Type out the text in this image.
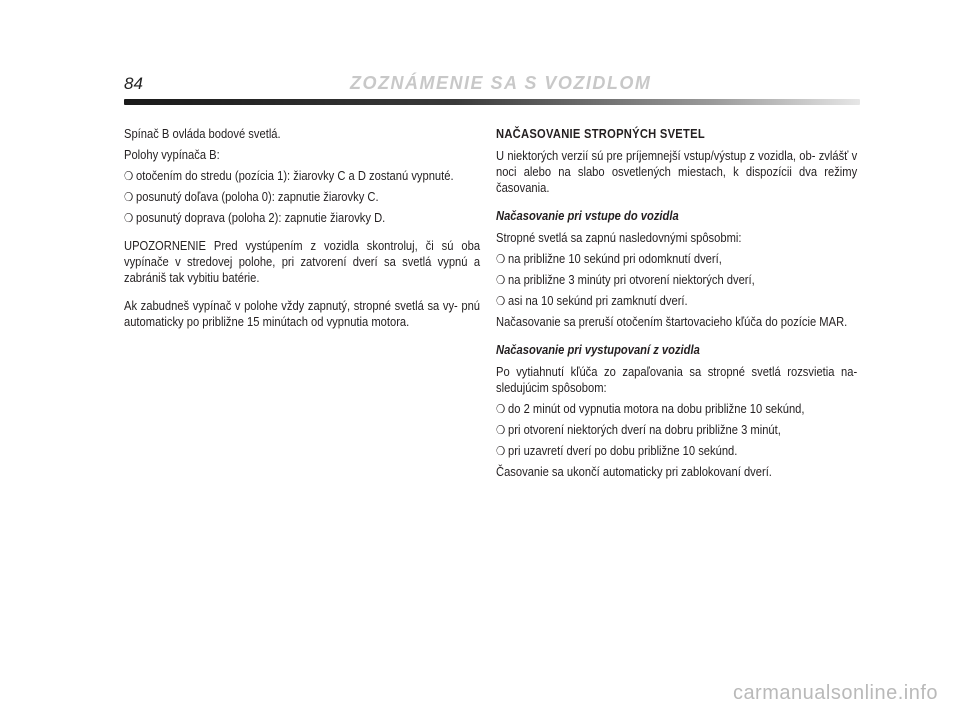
84	ZOZNÁMENIE SA S VOZIDLOM

Spínač B ovláda bodové svetlá.

Polohy vypínača B:

❍ otočením do stredu (pozícia 1): žiarovky C a D zostanú vypnuté.
❍ posunutý doľava (poloha 0): zapnutie žiarovky C.
❍ posunutý doprava (poloha 2): zapnutie žiarovky D.

UPOZORNENIE Pred vystúpením z vozidla skontroluj, či sú oba vypínače v stredovej polohe, pri zatvorení dverí sa svetlá vypnú a zabrániš tak vybitiu batérie.

Ak zabudneš vypínač v polohe vždy zapnutý, stropné svetlá sa vy- pnú automaticky po približne 15 minútach od vypnutia motora.

NAČASOVANIE STROPNÝCH SVETEL

U niektorých verzií sú pre príjemnejší vstup/výstup z vozidla, ob- zvlášť v noci alebo na slabo osvetlených miestach, k dispozícii dva režimy časovania.

Načasovanie pri vstupe do vozidla

Stropné svetlá sa zapnú nasledovnými spôsobmi:

❍ na približne 10 sekúnd pri odomknutí dverí,
❍ na približne 3 minúty pri otvorení niektorých dverí,
❍ asi na 10 sekúnd pri zamknutí dverí.

Načasovanie sa preruší otočením štartovacieho kľúča do pozície MAR.

Načasovanie pri vystupovaní z vozidla

Po vytiahnutí kľúča zo zapaľovania sa stropné svetlá rozsvietia na- sledujúcim spôsobom:

❍ do 2 minút od vypnutia motora na dobu približne 10 sekúnd,
❍ pri otvorení niektorých dverí na dobru približne 3 minút,
❍ pri uzavretí dverí po dobu približne 10 sekúnd.

Časovanie sa ukončí automaticky pri zablokovaní dverí.

carmanualsonline.info
